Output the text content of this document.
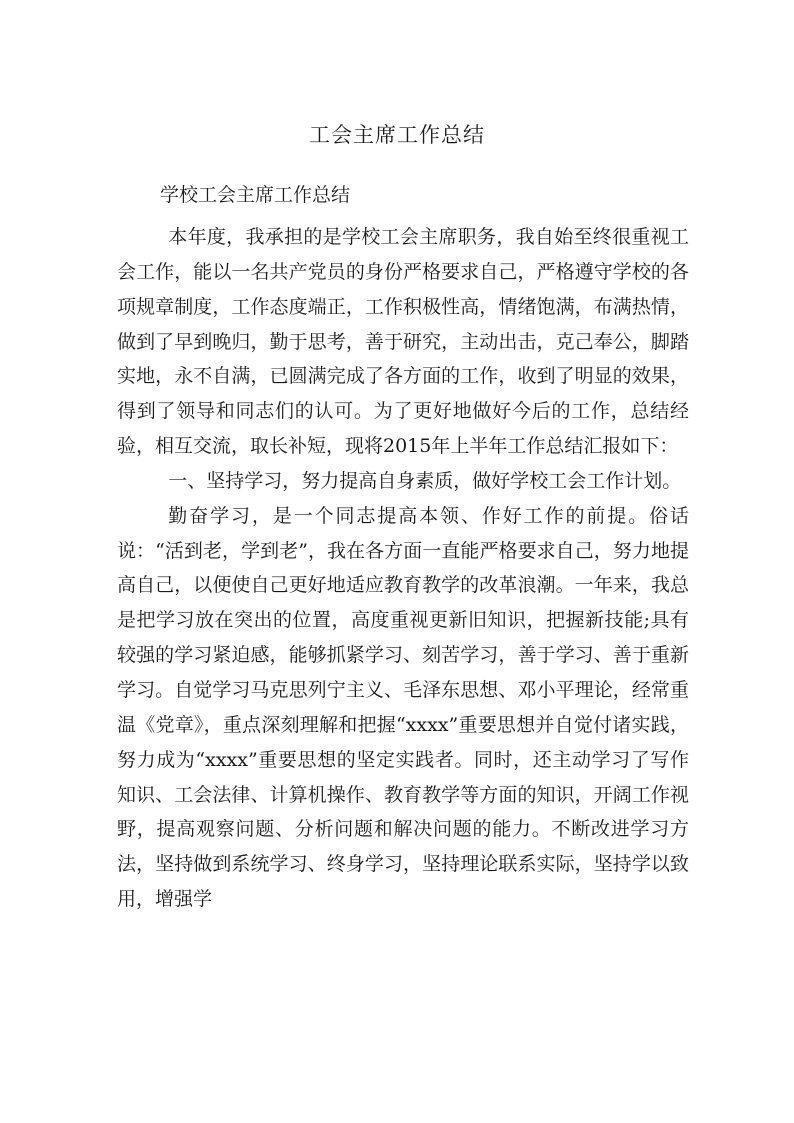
工会主席工作总结
学校工会主席工作总结

本年度，我承担的是学校工会主席职务，我自始至终很重视工会工作，能以一名共产党员的身份严格要求自己，严格遵守学校的各项规章制度，工作态度端正，工作积极性高，情绪饱满，布满热情，做到了早到晚归，勤于思考，善于研究，主动出击，克己奉公，脚踏实地，永不自满，已圆满完成了各方面的工作，收到了明显的效果，得到了领导和同志们的认可。为了更好地做好今后的工作，总结经验，相互交流，取长补短，现将2015年上半年工作总结汇报如下：

一、坚持学习，努力提高自身素质，做好学校工会工作计划。

勤奋学习，是一个同志提高本领、作好工作的前提。俗话说：“活到老，学到老”，我在各方面一直能严格要求自己，努力地提高自己，以便使自己更好地适应教育教学的改革浪潮。一年来，我总是把学习放在突出的位置，高度重视更新旧知识，把握新技能;具有较强的学习紧迫感，能够抓紧学习、刻苦学习，善于学习、善于重新学习。自觉学习马克思列宁主义、毛泽东思想、邓小平理论，经常重温《党章》，重点深刻理解和把握“xxxx”重要思想并自觉付诸实践，努力成为“xxxx”重要思想的坚定实践者。同时，还主动学习了写作知识、工会法律、计算机操作、教育教学等方面的知识，开阔工作视野，提高观察问题、分析问题和解决问题的能力。不断改进学习方法，坚持做到系统学习、终身学习，坚持理论联系实际，坚持学以致用，增强学
